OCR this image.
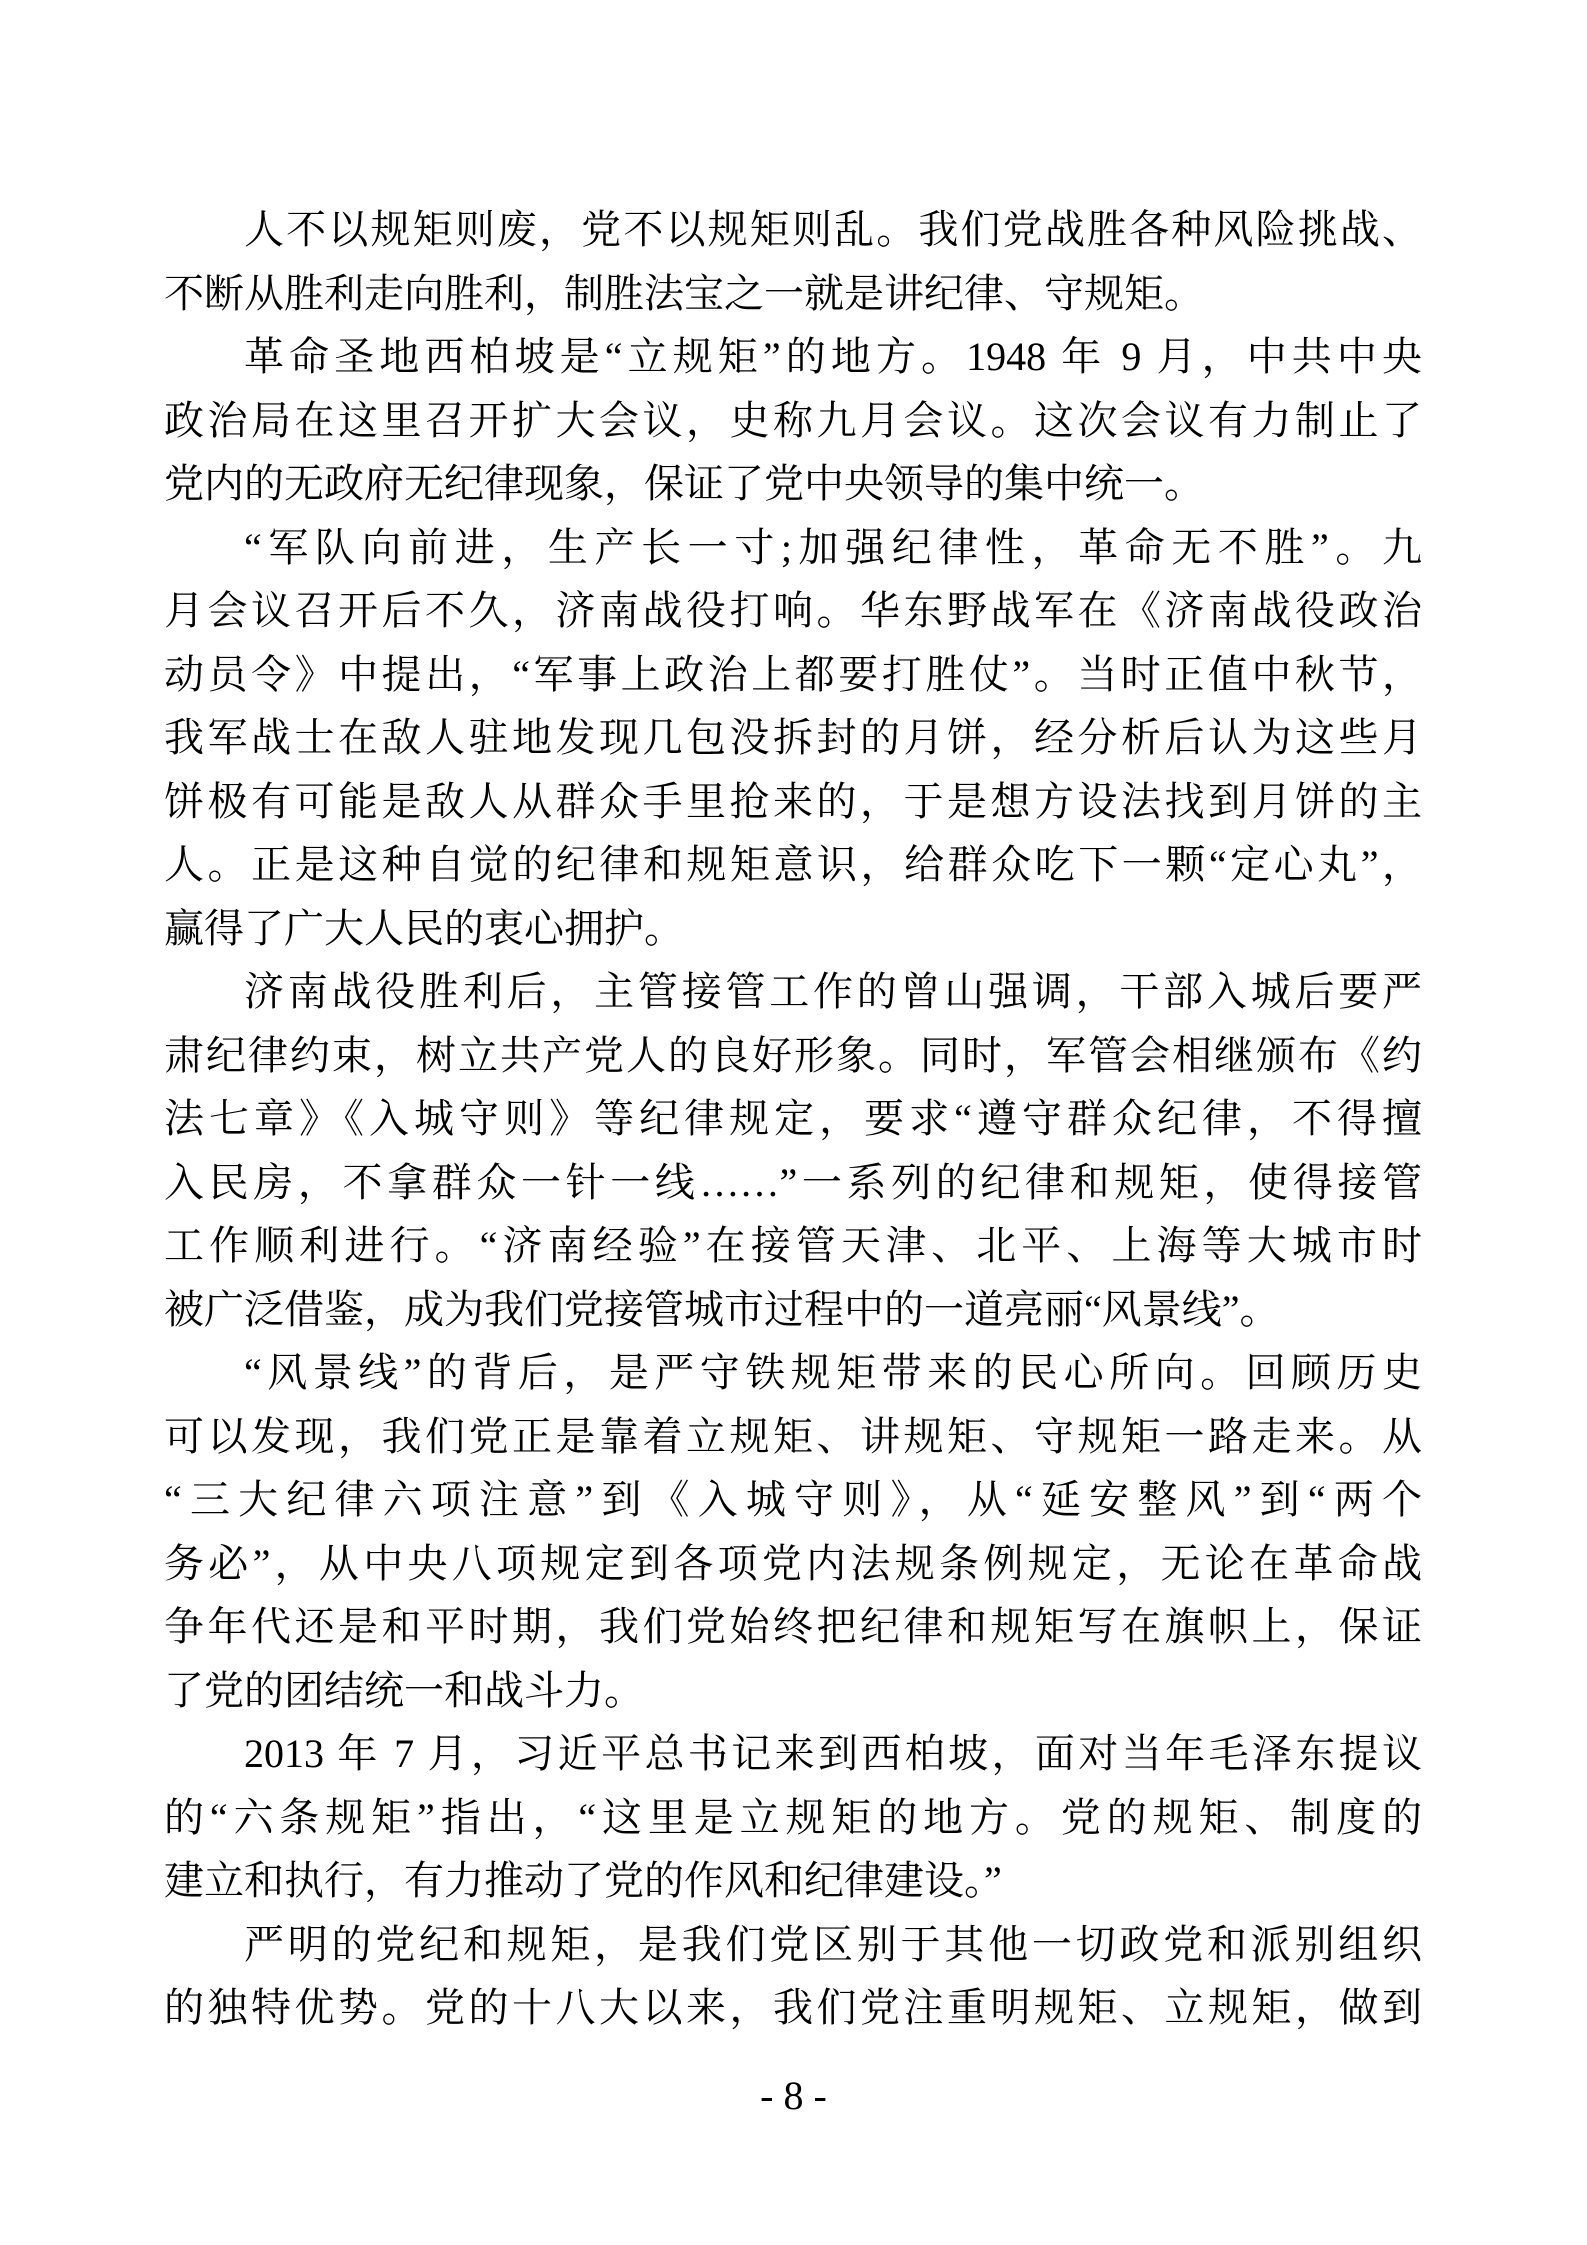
人不以规矩则废，党不以规矩则乱。我们党战胜各种风险挑战、
不断从胜利走向胜利，制胜法宝之一就是讲纪律、守规矩。
革命圣地西柏坡是“立规矩”的地方。1948 年 9 月，中共中央
政治局在这里召开扩大会议，史称九月会议。这次会议有力制止了
党内的无政府无纪律现象，保证了党中央领导的集中统一。
“军队向前进，生产长一寸;加强纪律性，革命无不胜”。九
月会议召开后不久，济南战役打响。华东野战军在《济南战役政治
动员令》中提出，“军事上政治上都要打胜仗”。当时正值中秋节，
我军战士在敌人驻地发现几包没拆封的月饼，经分析后认为这些月
饼极有可能是敌人从群众手里抢来的，于是想方设法找到月饼的主
人。正是这种自觉的纪律和规矩意识，给群众吃下一颗“定心丸”，
赢得了广大人民的衷心拥护。
济南战役胜利后，主管接管工作的曾山强调，干部入城后要严
肃纪律约束，树立共产党人的良好形象。同时，军管会相继颁布《约
法七章》《入城守则》等纪律规定，要求“遵守群众纪律，不得擅
入民房，不拿群众一针一线……”一系列的纪律和规矩，使得接管
工作顺利进行。“济南经验”在接管天津、北平、上海等大城市时
被广泛借鉴，成为我们党接管城市过程中的一道亮丽“风景线”。
“风景线”的背后，是严守铁规矩带来的民心所向。回顾历史
可以发现，我们党正是靠着立规矩、讲规矩、守规矩一路走来。从
“三大纪律六项注意”到《入城守则》，从“延安整风”到“两个
务必”，从中央八项规定到各项党内法规条例规定，无论在革命战
争年代还是和平时期，我们党始终把纪律和规矩写在旗帜上，保证
了党的团结统一和战斗力。
2013 年 7 月，习近平总书记来到西柏坡，面对当年毛泽东提议
的“六条规矩”指出，“这里是立规矩的地方。党的规矩、制度的
建立和执行，有力推动了党的作风和纪律建设。”
严明的党纪和规矩，是我们党区别于其他一切政党和派别组织
的独特优势。党的十八大以来，我们党注重明规矩、立规矩，做到
- 8 -
